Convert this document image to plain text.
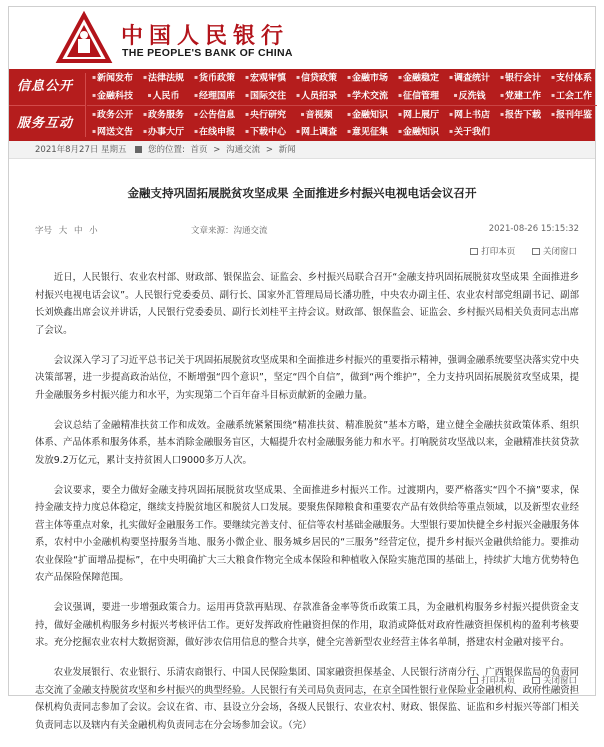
中国人民银行
THE PEOPLE'S BANK OF CHINA
信息公开
服务互动
▪ 新闻发布	▪ 法律法规	▪ 货币政策	▪ 宏观审慎	▪ 信贷政策	▪ 金融市场	▪ 金融稳定	▪ 调查统计	▪ 银行会计	▪ 支付体系
▪ 金融科技	▪ 人民币	▪ 经理国库	▪ 国际交往	▪ 人员招录	▪ 学术交流	▪ 征信管理	▪ 反洗钱	▪ 党建工作	▪ 工会工作
▪ 政务公开	▪ 政务服务	▪ 公告信息	▪ 央行研究	▪ 音视频	▪ 金融知识	▪ 网上展厅	▪ 网上书店	▪ 报告下载	▪ 报刊年鉴
▪ 网送文告	▪ 办事大厅	▪ 在线申报	▪ 下载中心	▪ 网上调查	▪ 意见征集	▪ 金融知识	▪ 关于我们
2021年8月27日 星期五	您的位置: 首页 > 沟通交流 > 新闻
金融支持巩固拓展脱贫攻坚成果 全面推进乡村振兴电视电话会议召开
字号 大 中 小	文章来源：沟通交流	2021-08-26 15:15:32
打印本页	关闭窗口

近日，人民银行、农业农村部、财政部、银保监会、证监会、乡村振兴局联合召开“金融支持巩固拓展脱贫攻坚成果 全面推进乡村振兴电视电话会议”。人民银行党委委员、副行长、国家外汇管理局局长潘功胜，中央农办副主任、农业农村部党组副书记、副部长刘焕鑫出席会议并讲话，人民银行党委委员、副行长刘桂平主持会议。财政部、银保监会、证监会、乡村振兴局相关负责同志出席了会议。

会议深入学习了习近平总书记关于巩固拓展脱贫攻坚成果和全面推进乡村振兴的重要指示精神，强调金融系统要坚决落实党中央决策部署，进一步提高政治站位，不断增强“四个意识”，坚定“四个自信”，做到“两个维护”，全力支持巩固拓展脱贫攻坚成果，提升金融服务乡村振兴能力和水平，为实现第二个百年奋斗目标贡献新的金融力量。

会议总结了金融精准扶贫工作和成效。金融系统紧紧围绕“精准扶贫、精准脱贫”基本方略，建立健全金融扶贫政策体系、组织体系、产品体系和服务体系，基本消除金融服务盲区，大幅提升农村金融服务能力和水平。打响脱贫攻坚战以来，金融精准扶贫贷款发放9.2万亿元，累计支持贫困人口9000多万人次。

会议要求，要全力做好金融支持巩固拓展脱贫攻坚成果、全面推进乡村振兴工作。过渡期内，要严格落实“四个不摘”要求，保持金融支持力度总体稳定，继续支持脱贫地区和脱贫人口发展。要聚焦保障粮食和重要农产品有效供给等重点领域，以及新型农业经营主体等重点对象，扎实做好金融服务工作。要继续完善支付、征信等农村基础金融服务。大型银行要加快健全乡村振兴金融服务体系，农村中小金融机构要坚持服务当地、服务小微企业、服务城乡居民的“三服务”经营定位，提升乡村振兴金融供给能力。要推动农业保险“扩面增品提标”，在中央明确扩大三大粮食作物完全成本保险和种植收入保险实施范围的基础上，持续扩大地方优势特色农产品保险保障范围。

会议强调，要进一步增强政策合力。运用再贷款再贴现、存款准备金率等货币政策工具，为金融机构服务乡村振兴提供资金支持，做好金融机构服务乡村振兴考核评估工作。更好发挥政府性融资担保的作用，取消或降低对政府性融资担保机构的盈利考核要求。充分挖掘农业农村大数据资源，做好涉农信用信息的整合共享，健全完善新型农业经营主体名单制，搭建农村金融对接平台。

农业发展银行、农业银行、乐清农商银行、中国人民保险集团、国家融资担保基金、人民银行济南分行、广西银保监局的负责同志交流了金融支持脱贫攻坚和乡村振兴的典型经验。人民银行有关司局负责同志，在京全国性银行业保险业金融机构、政府性融资担保机构负责同志参加了会议。会议在省、市、县设立分会场，各级人民银行、农业农村、财政、银保监、证监和乡村振兴等部门相关负责同志以及辖内有关金融机构负责同志在分会场参加会议。（完）

打印本页	关闭窗口
